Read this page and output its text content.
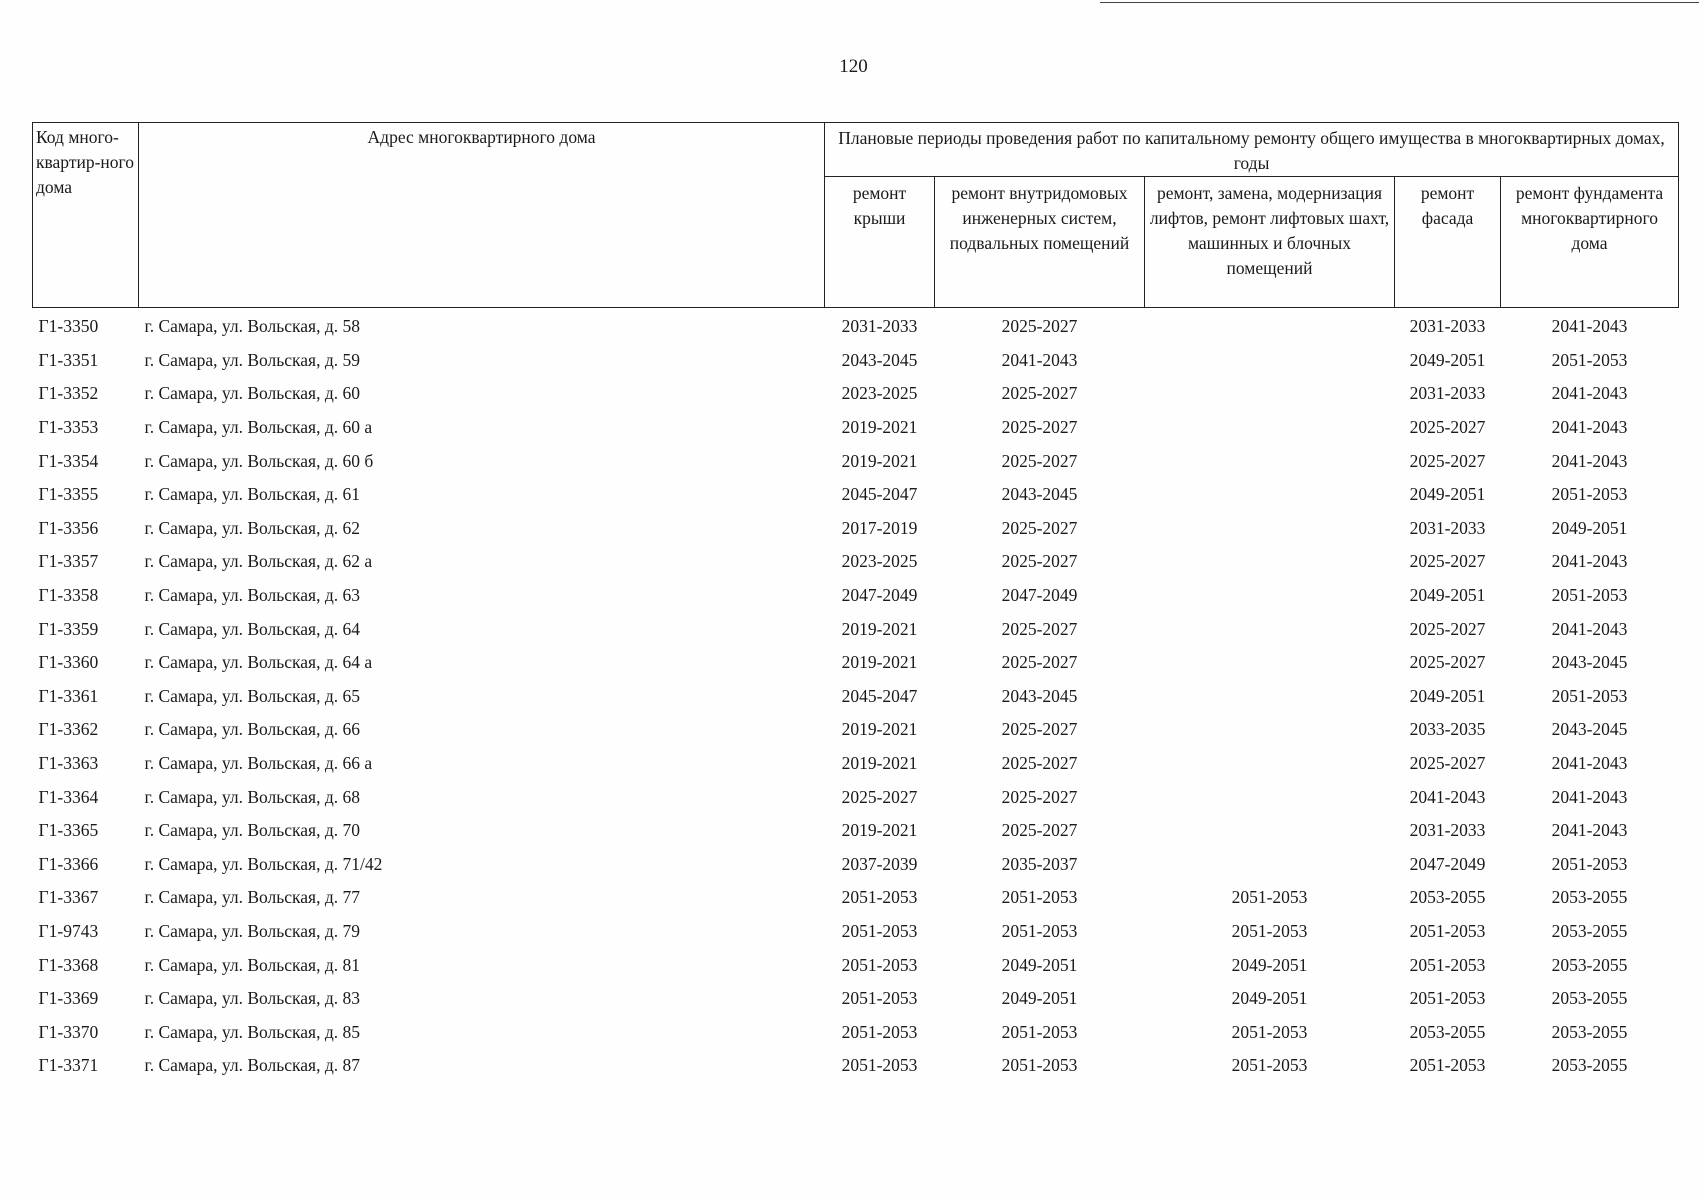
120
Код много-квартир-ного дома	Адрес многоквартирного дома	Плановые периоды проведения работ по капитальному ремонту общего имущества в многоквартирных домах, годы				
		ремонт крыши	ремонт внутридомовых инженерных систем, подвальных помещений	ремонт, замена, модернизация лифтов, ремонт лифтовых шахт, машинных и блочных помещений	ремонт фасада	ремонт фундамента многоквартирного дома
Г1-3350	г. Самара, ул. Вольская, д. 58	2031-2033	2025-2027		2031-2033	2041-2043
Г1-3351	г. Самара, ул. Вольская, д. 59	2043-2045	2041-2043		2049-2051	2051-2053
Г1-3352	г. Самара, ул. Вольская, д. 60	2023-2025	2025-2027		2031-2033	2041-2043
Г1-3353	г. Самара, ул. Вольская, д. 60 а	2019-2021	2025-2027		2025-2027	2041-2043
Г1-3354	г. Самара, ул. Вольская, д. 60 б	2019-2021	2025-2027		2025-2027	2041-2043
Г1-3355	г. Самара, ул. Вольская, д. 61	2045-2047	2043-2045		2049-2051	2051-2053
Г1-3356	г. Самара, ул. Вольская, д. 62	2017-2019	2025-2027		2031-2033	2049-2051
Г1-3357	г. Самара, ул. Вольская, д. 62 а	2023-2025	2025-2027		2025-2027	2041-2043
Г1-3358	г. Самара, ул. Вольская, д. 63	2047-2049	2047-2049		2049-2051	2051-2053
Г1-3359	г. Самара, ул. Вольская, д. 64	2019-2021	2025-2027		2025-2027	2041-2043
Г1-3360	г. Самара, ул. Вольская, д. 64 а	2019-2021	2025-2027		2025-2027	2043-2045
Г1-3361	г. Самара, ул. Вольская, д. 65	2045-2047	2043-2045		2049-2051	2051-2053
Г1-3362	г. Самара, ул. Вольская, д. 66	2019-2021	2025-2027		2033-2035	2043-2045
Г1-3363	г. Самара, ул. Вольская, д. 66 а	2019-2021	2025-2027		2025-2027	2041-2043
Г1-3364	г. Самара, ул. Вольская, д. 68	2025-2027	2025-2027		2041-2043	2041-2043
Г1-3365	г. Самара, ул. Вольская, д. 70	2019-2021	2025-2027		2031-2033	2041-2043
Г1-3366	г. Самара, ул. Вольская, д. 71/42	2037-2039	2035-2037		2047-2049	2051-2053
Г1-3367	г. Самара, ул. Вольская, д. 77	2051-2053	2051-2053	2051-2053	2053-2055	2053-2055
Г1-9743	г. Самара, ул. Вольская, д. 79	2051-2053	2051-2053	2051-2053	2051-2053	2053-2055
Г1-3368	г. Самара, ул. Вольская, д. 81	2051-2053	2049-2051	2049-2051	2051-2053	2053-2055
Г1-3369	г. Самара, ул. Вольская, д. 83	2051-2053	2049-2051	2049-2051	2051-2053	2053-2055
Г1-3370	г. Самара, ул. Вольская, д. 85	2051-2053	2051-2053	2051-2053	2053-2055	2053-2055
Г1-3371	г. Самара, ул. Вольская, д. 87	2051-2053	2051-2053	2051-2053	2051-2053	2053-2055
